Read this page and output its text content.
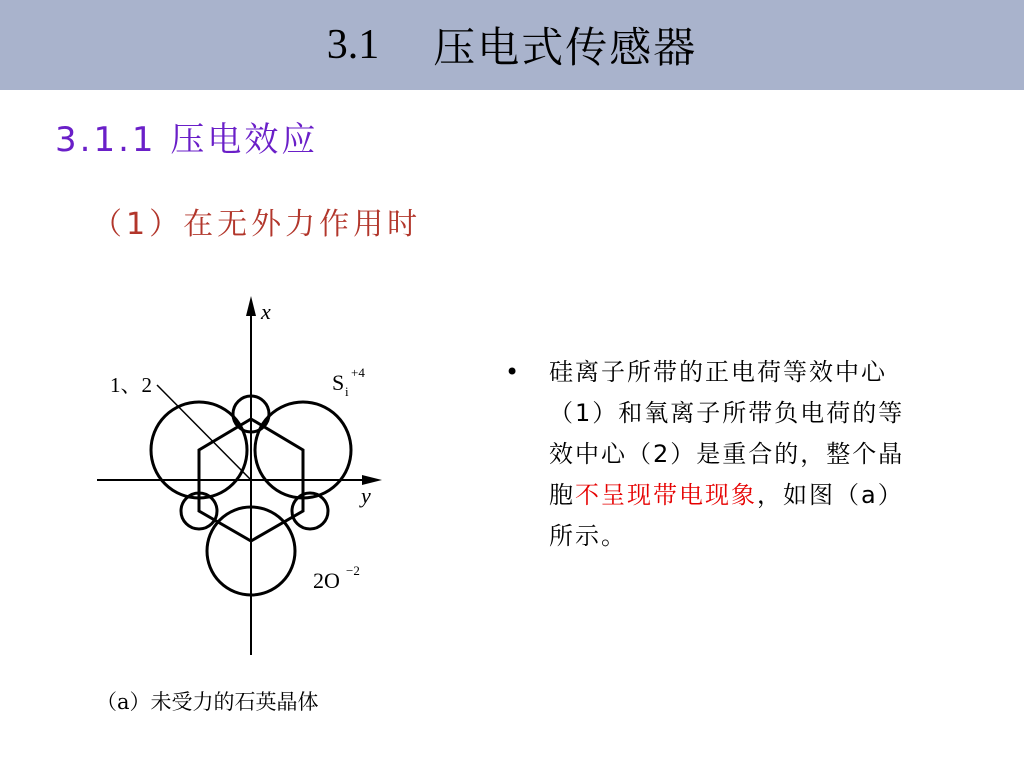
3.1 压电式传感器
3.1.1 压电效应
（1）在无外力作用时
x
y
1、2	S i
+4
2O −2
（a）未受力的石英晶体
• 硅离子所带的正电荷等效中心（1）和氧离子所带负电荷的等效中心（2）是重合的，整个晶胞不呈现带电现象，如图（a）所示。
